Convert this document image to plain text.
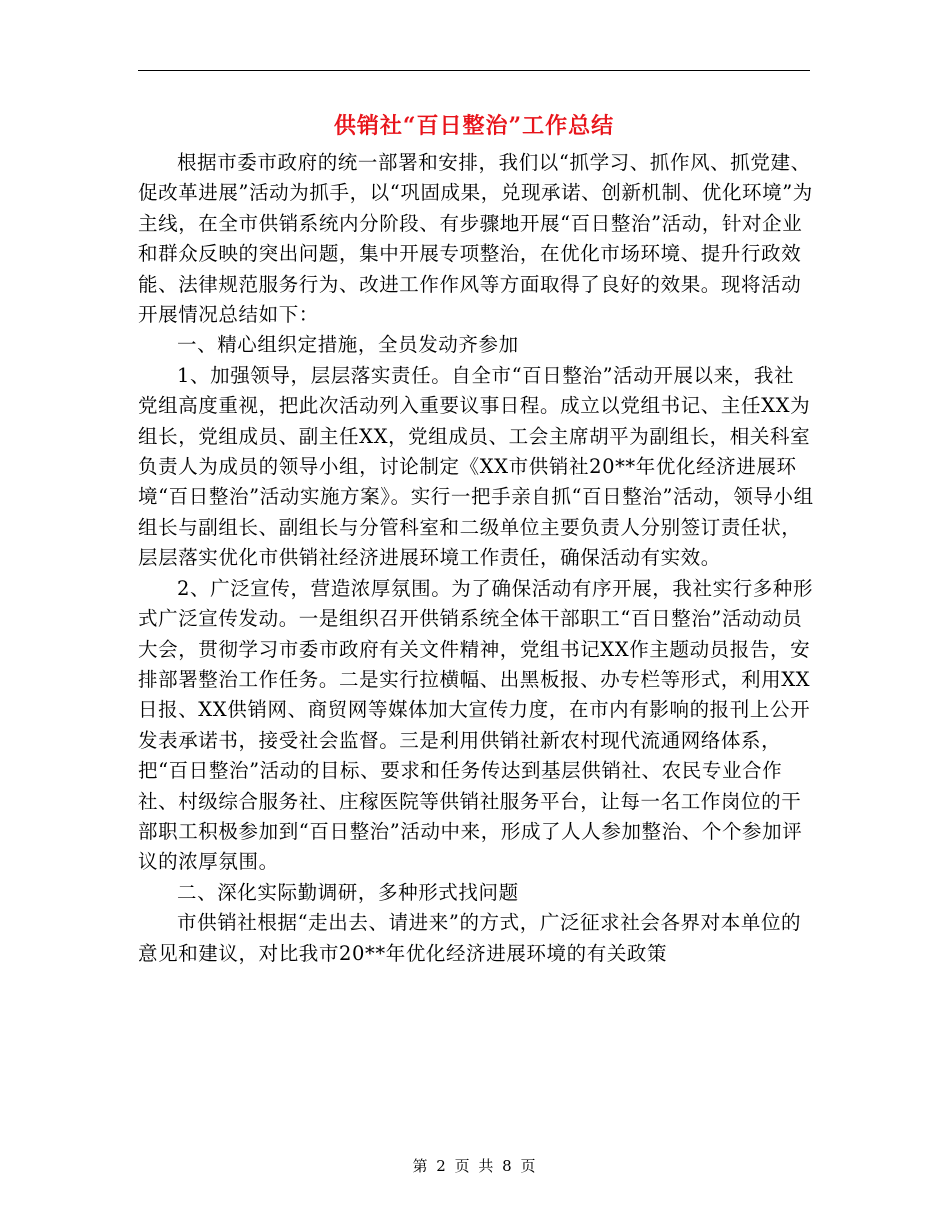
供销社“百日整治”工作总结

根据市委市政府的统一部署和安排，我们以“抓学习、抓作风、抓党建、促改革进展”活动为抓手，以“巩固成果，兑现承诺、创新机制、优化环境”为主线，在全市供销系统内分阶段、有步骤地开展“百日整治”活动，针对企业和群众反映的突出问题，集中开展专项整治，在优化市场环境、提升行政效能、法律规范服务行为、改进工作作风等方面取得了良好的效果。现将活动开展情况总结如下：

一、精心组织定措施，全员发动齐参加

1、加强领导，层层落实责任。自全市“百日整治”活动开展以来，我社党组高度重视，把此次活动列入重要议事日程。成立以党组书记、主任XX为组长，党组成员、副主任XX，党组成员、工会主席胡平为副组长，相关科室负责人为成员的领导小组，讨论制定《XX市供销社20**年优化经济进展环境“百日整治”活动实施方案》。实行一把手亲自抓“百日整治”活动，领导小组组长与副组长、副组长与分管科室和二级单位主要负责人分别签订责任状，层层落实优化市供销社经济进展环境工作责任，确保活动有实效。

2、广泛宣传，营造浓厚氛围。为了确保活动有序开展，我社实行多种形式广泛宣传发动。一是组织召开供销系统全体干部职工“百日整治”活动动员大会，贯彻学习市委市政府有关文件精神，党组书记XX作主题动员报告，安排部署整治工作任务。二是实行拉横幅、出黑板报、办专栏等形式，利用XX日报、XX供销网、商贸网等媒体加大宣传力度，在市内有影响的报刊上公开发表承诺书，接受社会监督。三是利用供销社新农村现代流通网络体系，把“百日整治”活动的目标、要求和任务传达到基层供销社、农民专业合作社、村级综合服务社、庄稼医院等供销社服务平台，让每一名工作岗位的干部职工积极参加到“百日整治”活动中来，形成了人人参加整治、个个参加评议的浓厚氛围。

二、深化实际勤调研，多种形式找问题

市供销社根据“走出去、请进来”的方式，广泛征求社会各界对本单位的意见和建议，对比我市20**年优化经济进展环境的有关政策

第 2 页 共 8 页
